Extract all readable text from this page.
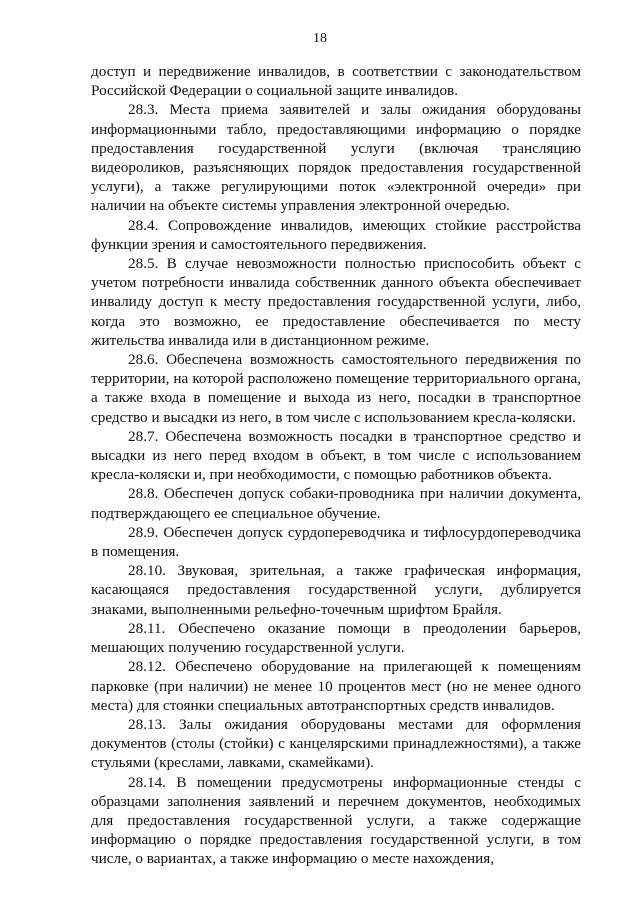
18

доступ и передвижение инвалидов, в соответствии с законодательством Российской Федерации о социальной защите инвалидов.

28.3. Места приема заявителей и залы ожидания оборудованы информационными табло, предоставляющими информацию о порядке предоставления государственной услуги (включая трансляцию видеороликов, разъясняющих порядок предоставления государственной услуги), а также регулирующими поток «электронной очереди» при наличии на объекте системы управления электронной очередью.

28.4. Сопровождение инвалидов, имеющих стойкие расстройства функции зрения и самостоятельного передвижения.

28.5. В случае невозможности полностью приспособить объект с учетом потребности инвалида собственник данного объекта обеспечивает инвалиду доступ к месту предоставления государственной услуги, либо, когда это возможно, ее предоставление обеспечивается по месту жительства инвалида или в дистанционном режиме.

28.6. Обеспечена возможность самостоятельного передвижения по территории, на которой расположено помещение территориального органа, а также входа в помещение и выхода из него, посадки в транспортное средство и высадки из него, в том числе с использованием кресла-коляски.

28.7. Обеспечена возможность посадки в транспортное средство и высадки из него перед входом в объект, в том числе с использованием кресла-коляски и, при необходимости, с помощью работников объекта.

28.8. Обеспечен допуск собаки-проводника при наличии документа, подтверждающего ее специальное обучение.

28.9. Обеспечен допуск сурдопереводчика и тифлосурдопереводчика в помещения.

28.10. Звуковая, зрительная, а также графическая информация, касающаяся предоставления государственной услуги, дублируется знаками, выполненными рельефно-точечным шрифтом Брайля.

28.11. Обеспечено оказание помощи в преодолении барьеров, мешающих получению государственной услуги.

28.12. Обеспечено оборудование на прилегающей к помещениям парковке (при наличии) не менее 10 процентов мест (но не менее одного места) для стоянки специальных автотранспортных средств инвалидов.

28.13. Залы ожидания оборудованы местами для оформления документов (столы (стойки) с канцелярскими принадлежностями), а также стульями (креслами, лавками, скамейками).

28.14. В помещении предусмотрены информационные стенды с образцами заполнения заявлений и перечнем документов, необходимых для предоставления государственной услуги, а также содержащие информацию о порядке предоставления государственной услуги, в том числе, о вариантах, а также информацию о месте нахождения,
